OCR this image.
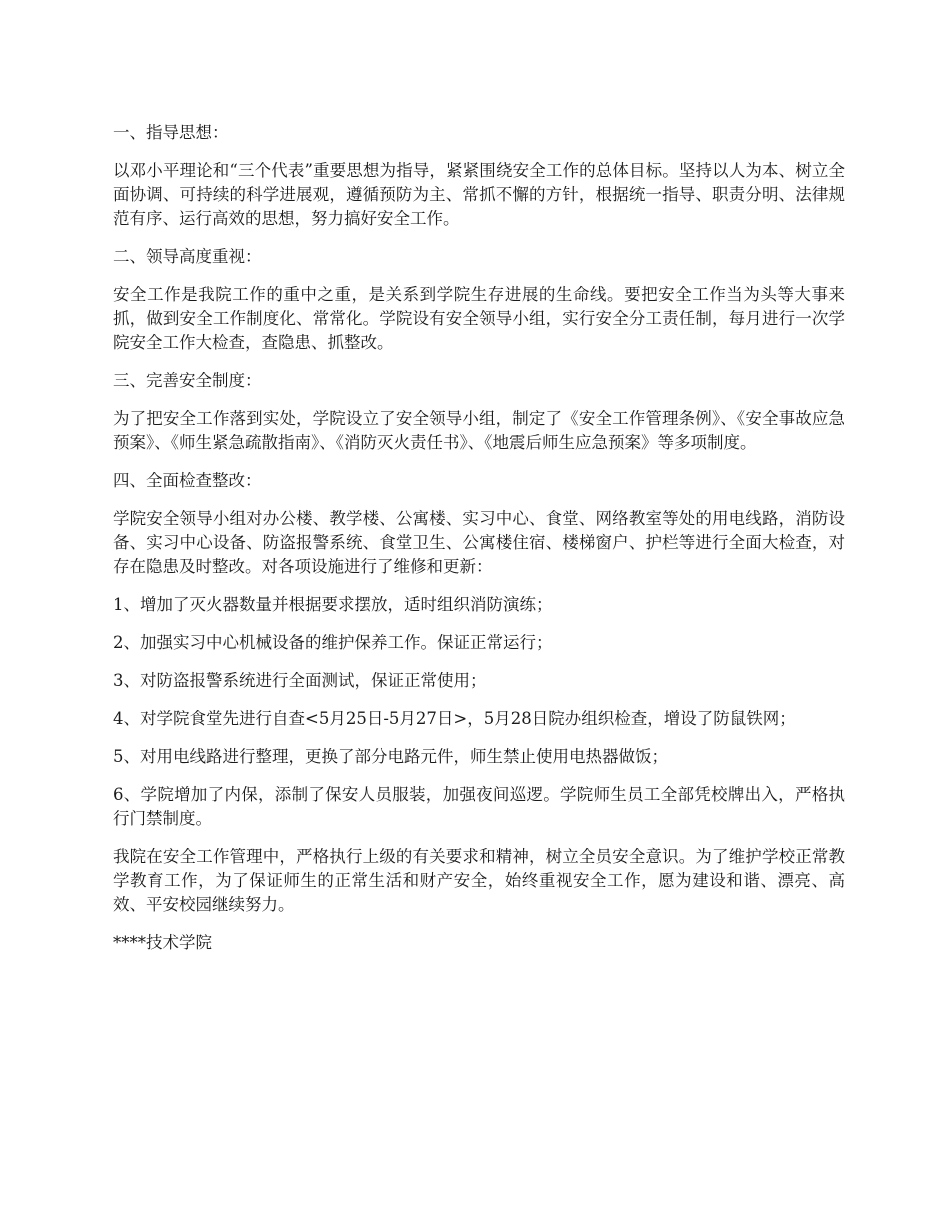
一、指导思想：

以邓小平理论和“三个代表”重要思想为指导，紧紧围绕安全工作的总体目标。坚持以人为本、树立全面协调、可持续的科学进展观，遵循预防为主、常抓不懈的方针，根据统一指导、职责分明、法律规范有序、运行高效的思想，努力搞好安全工作。

二、领导高度重视：

安全工作是我院工作的重中之重，是关系到学院生存进展的生命线。要把安全工作当为头等大事来抓，做到安全工作制度化、常常化。学院设有安全领导小组，实行安全分工责任制，每月进行一次学院安全工作大检查，查隐患、抓整改。

三、完善安全制度：

为了把安全工作落到实处，学院设立了安全领导小组，制定了《安全工作管理条例》、《安全事故应急预案》、《师生紧急疏散指南》、《消防灭火责任书》、《地震后师生应急预案》等多项制度。

四、全面检查整改：

学院安全领导小组对办公楼、教学楼、公寓楼、实习中心、食堂、网络教室等处的用电线路，消防设备、实习中心设备、防盗报警系统、食堂卫生、公寓楼住宿、楼梯窗户、护栏等进行全面大检查，对存在隐患及时整改。对各项设施进行了维修和更新：

1、增加了灭火器数量并根据要求摆放，适时组织消防演练；

2、加强实习中心机械设备的维护保养工作。保证正常运行；

3、对防盗报警系统进行全面测试，保证正常使用；

4、对学院食堂先进行自查<5月25日-5月27日>，5月28日院办组织检查，增设了防鼠铁网；

5、对用电线路进行整理，更换了部分电路元件，师生禁止使用电热器做饭；

6、学院增加了内保，添制了保安人员服装，加强夜间巡逻。学院师生员工全部凭校牌出入，严格执行门禁制度。

我院在安全工作管理中，严格执行上级的有关要求和精神，树立全员安全意识。为了维护学校正常教学教育工作，为了保证师生的正常生活和财产安全，始终重视安全工作，愿为建设和谐、漂亮、高效、平安校园继续努力。

****技术学院
